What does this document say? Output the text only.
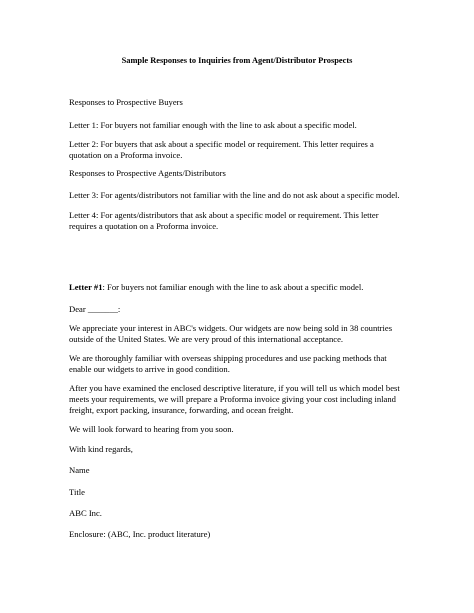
Sample Responses to Inquiries from Agent/Distributor Prospects
Responses to Prospective Buyers
Letter 1: For buyers not familiar enough with the line to ask about a specific model.
Letter 2: For buyers that ask about a specific model or requirement. This letter requires a
quotation on a Proforma invoice.
Responses to Prospective Agents/Distributors
Letter 3: For agents/distributors not familiar with the line and do not ask about a specific model.
Letter 4: For agents/distributors that ask about a specific model or requirement. This letter
requires a quotation on a Proforma invoice.
Letter #1: For buyers not familiar enough with the line to ask about a specific model.
Dear _______:
We appreciate your interest in ABC's widgets. Our widgets are now being sold in 38 countries
outside of the United States. We are very proud of this international acceptance.
We are thoroughly familiar with overseas shipping procedures and use packing methods that
enable our widgets to arrive in good condition.
After you have examined the enclosed descriptive literature, if you will tell us which model best
meets your requirements, we will prepare a Proforma invoice giving your cost including inland
freight, export packing, insurance, forwarding, and ocean freight.
We will look forward to hearing from you soon.
With kind regards,
Name
Title
ABC Inc.
Enclosure: (ABC, Inc. product literature)
